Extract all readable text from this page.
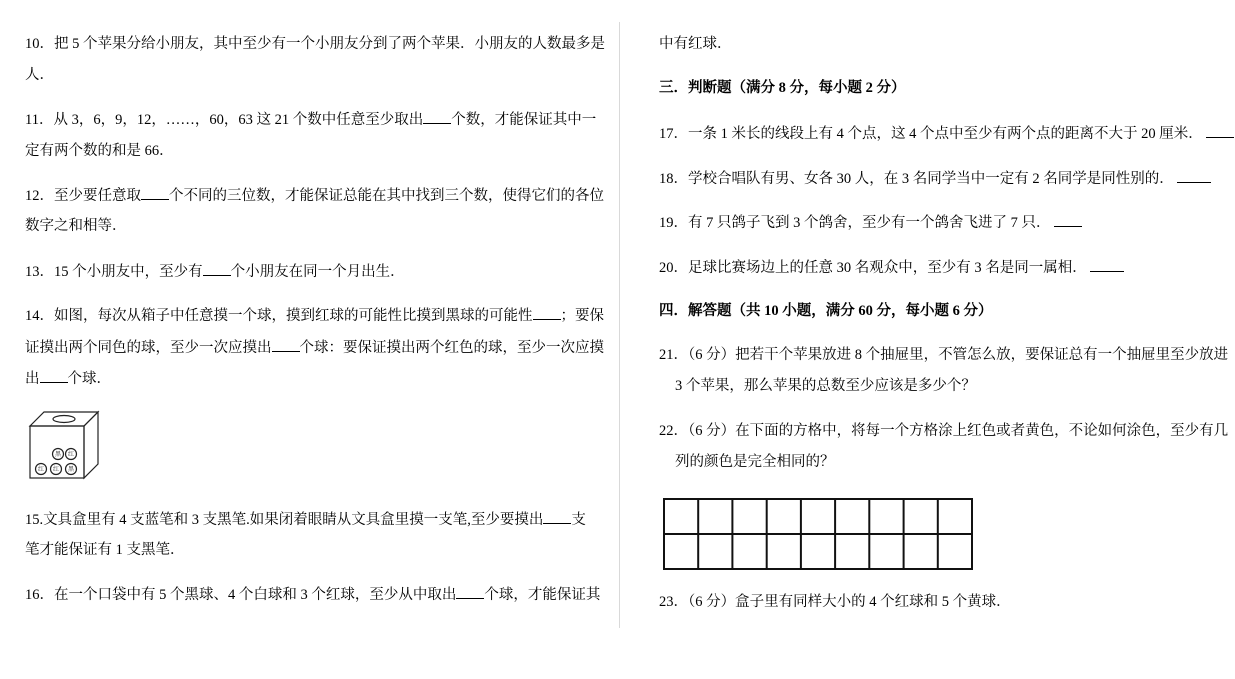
10．把 5 个苹果分给小朋友，其中至少有一个小朋友分到了两个苹果．小朋友的人数最多是
人．
11．从 3，6，9，12，……，60，63 这 21 个数中任意至少取出 个数，才能保证其中一
定有两个数的和是 66．
12．至少要任意取 个不同的三位数，才能保证总能在其中找到三个数，使得它们的各位
数字之和相等．
13．15 个小朋友中，至少有 个小朋友在同一个月出生．
14．如图，每次从箱子中任意摸一个球，摸到红球的可能性比摸到黑球的可能性 ；要保
证摸出两个同色的球，至少一次应摸出 个球：要保证摸出两个红色的球，至少一次应摸
出 个球．
15.文具盒里有 4 支蓝笔和 3 支黑笔.如果闭着眼睛从文具盒里摸一支笔,至少要摸出 支
笔才能保证有 1 支黑笔．
16．在一个口袋中有 5 个黑球、4 个白球和 3 个红球，至少从中取出 个球，才能保证其
黑 红
红 红 黑
中有红球．
三．判断题（满分 8 分，每小题 2 分）
17．一条 1 米长的线段上有 4 个点，这 4 个点中至少有两个点的距离不大于 20 厘米．
18．学校合唱队有男、女各 30 人，在 3 名同学当中一定有 2 名同学是同性别的．
19．有 7 只鸽子飞到 3 个鸽舍，至少有一个鸽舍飞进了 7 只．
20．足球比赛场边上的任意 30 名观众中，至少有 3 名是同一属相．
四．解答题（共 10 小题，满分 60 分，每小题 6 分）
21．（6 分）把若干个苹果放进 8 个抽屉里，不管怎么放，要保证总有一个抽屉里至少放进
3 个苹果，那么苹果的总数至少应该是多少个？
22．（6 分）在下面的方格中，将每一个方格涂上红色或者黄色，不论如何涂色，至少有几
列的颜色是完全相同的？
23．（6 分）盒子里有同样大小的 4 个红球和 5 个黄球．
